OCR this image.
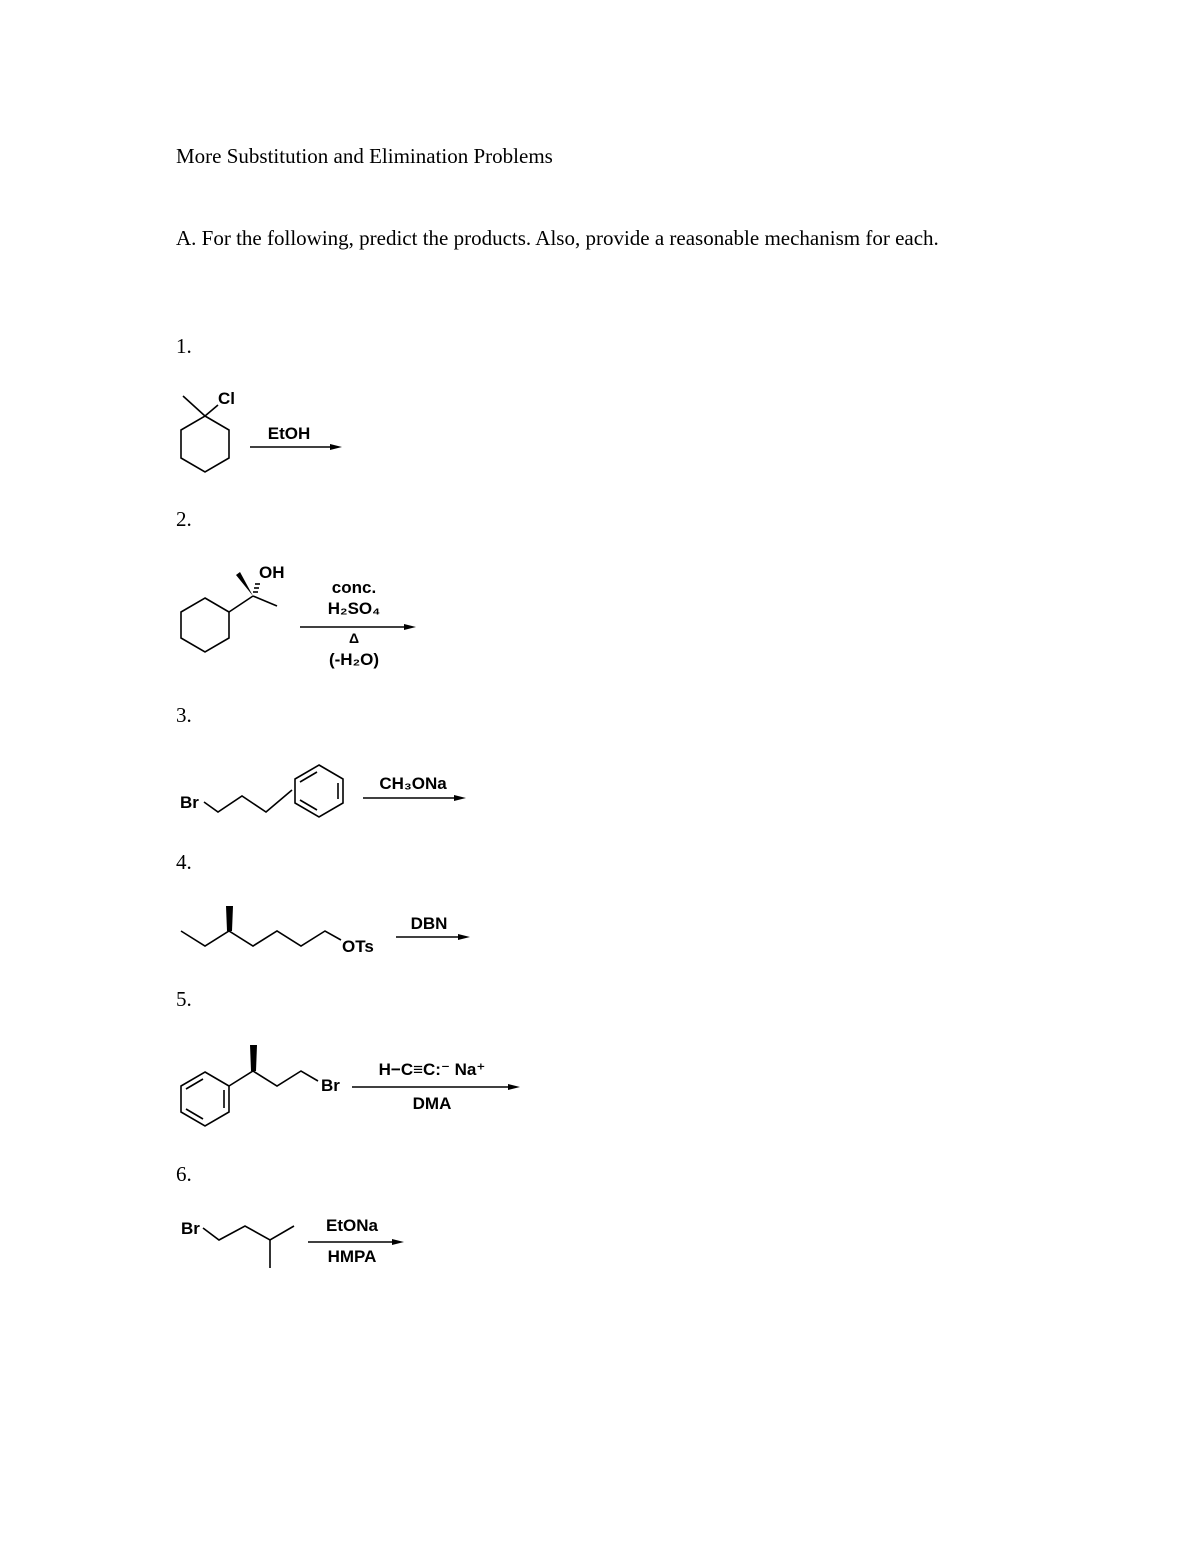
More Substitution and Elimination Problems
A. For the following, predict the products. Also, provide a reasonable mechanism for each.
1.
2.
3.
4.
5.
6.
Cl
EtOH
OH
conc.
H₂SO₄
Δ
(-H₂O)
Br
CH₃ONa
OTs
DBN
Br
H−C≡C:⁻ Na⁺
DMA
Br	EtONa
HMPA
